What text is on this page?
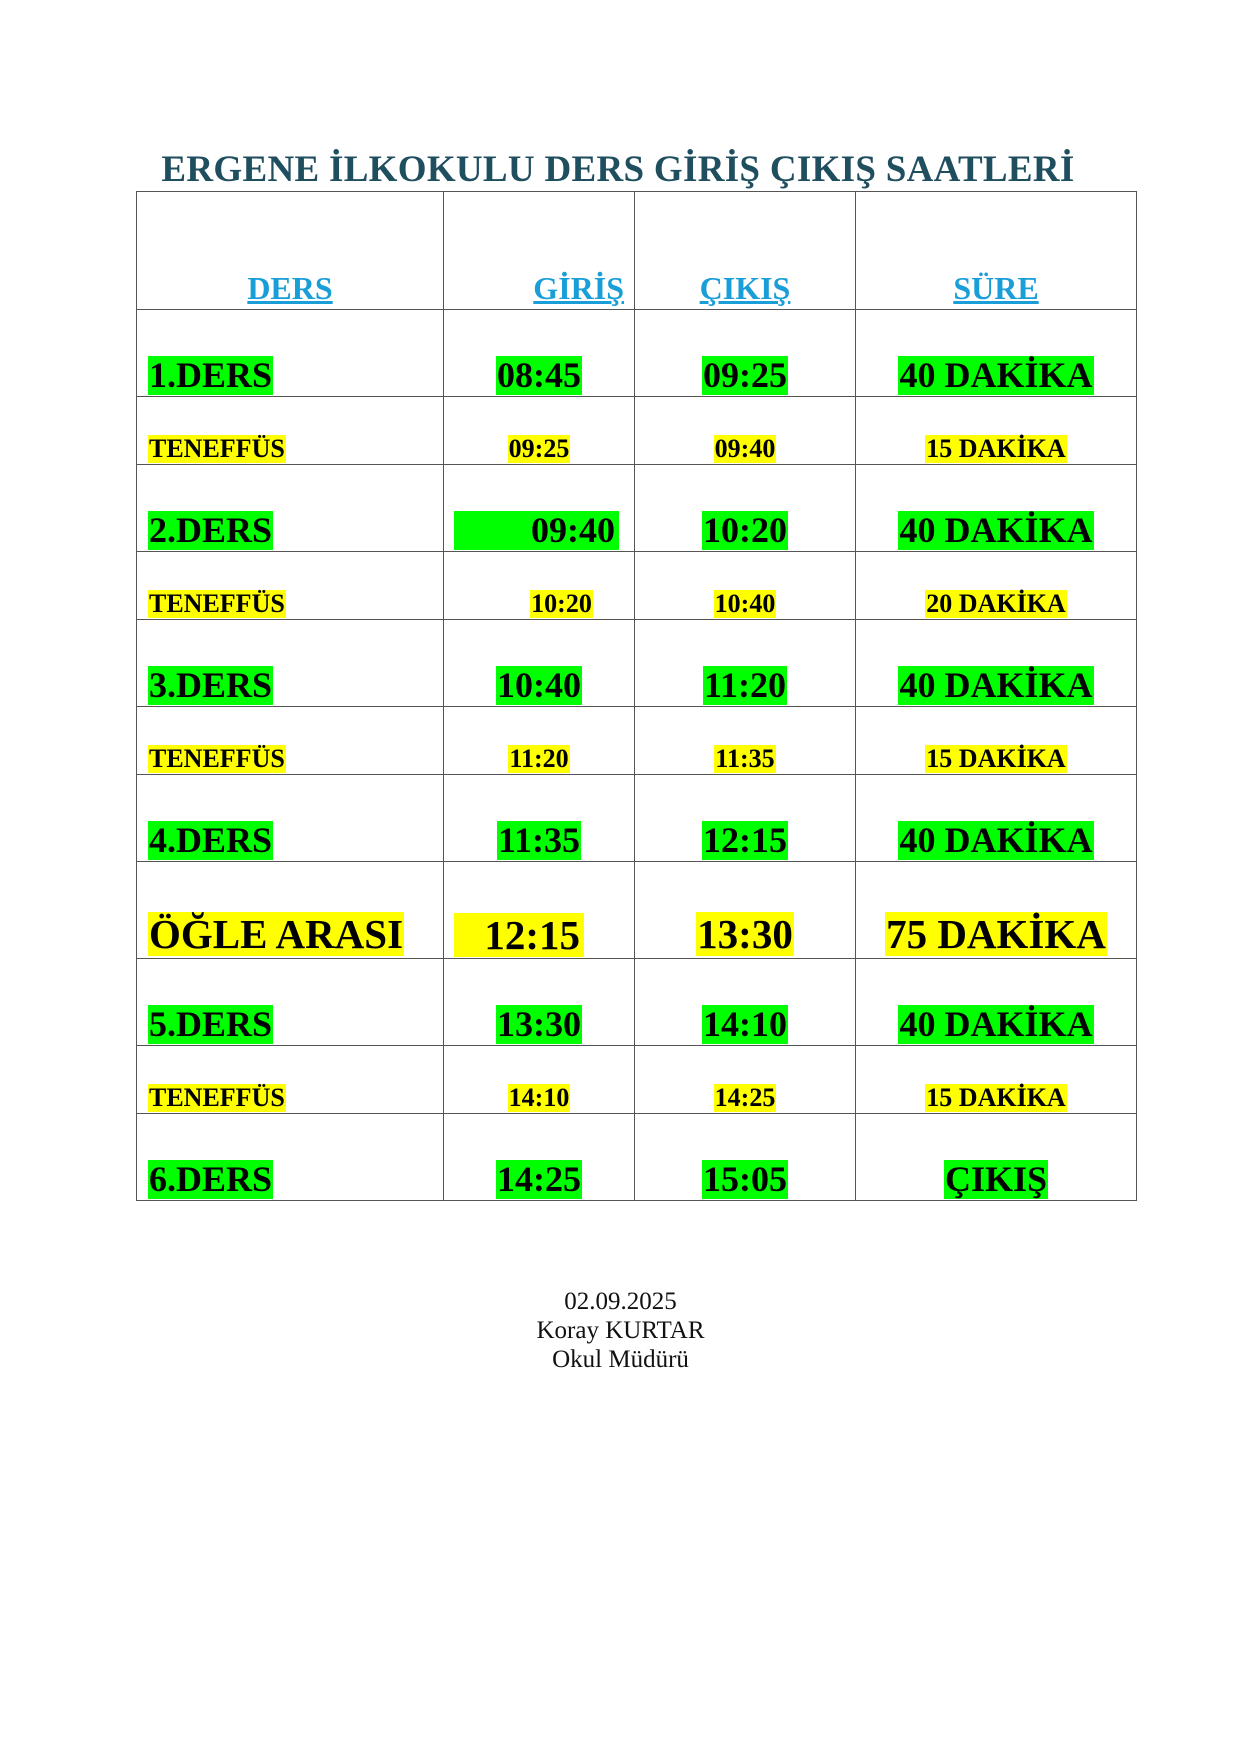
ERGENE İLKOKULU DERS GİRİŞ ÇIKIŞ SAATLERİ
DERS	GİRİŞ	ÇIKIŞ	SÜRE
1.DERS	08:45	09:25	40 DAKİKA
TENEFFÜS	09:25	09:40	15 DAKİKA
2.DERS	09:40	10:20	40 DAKİKA
TENEFFÜS	10:20	10:40	20 DAKİKA
3.DERS	10:40	11:20	40 DAKİKA
TENEFFÜS	11:20	11:35	15 DAKİKA
4.DERS	11:35	12:15	40 DAKİKA
ÖĞLE ARASI	12:15	13:30	75 DAKİKA
5.DERS	13:30	14:10	40 DAKİKA
TENEFFÜS	14:10	14:25	15 DAKİKA
6.DERS	14:25	15:05	ÇIKIŞ
02.09.2025
Koray KURTAR
Okul Müdürü
